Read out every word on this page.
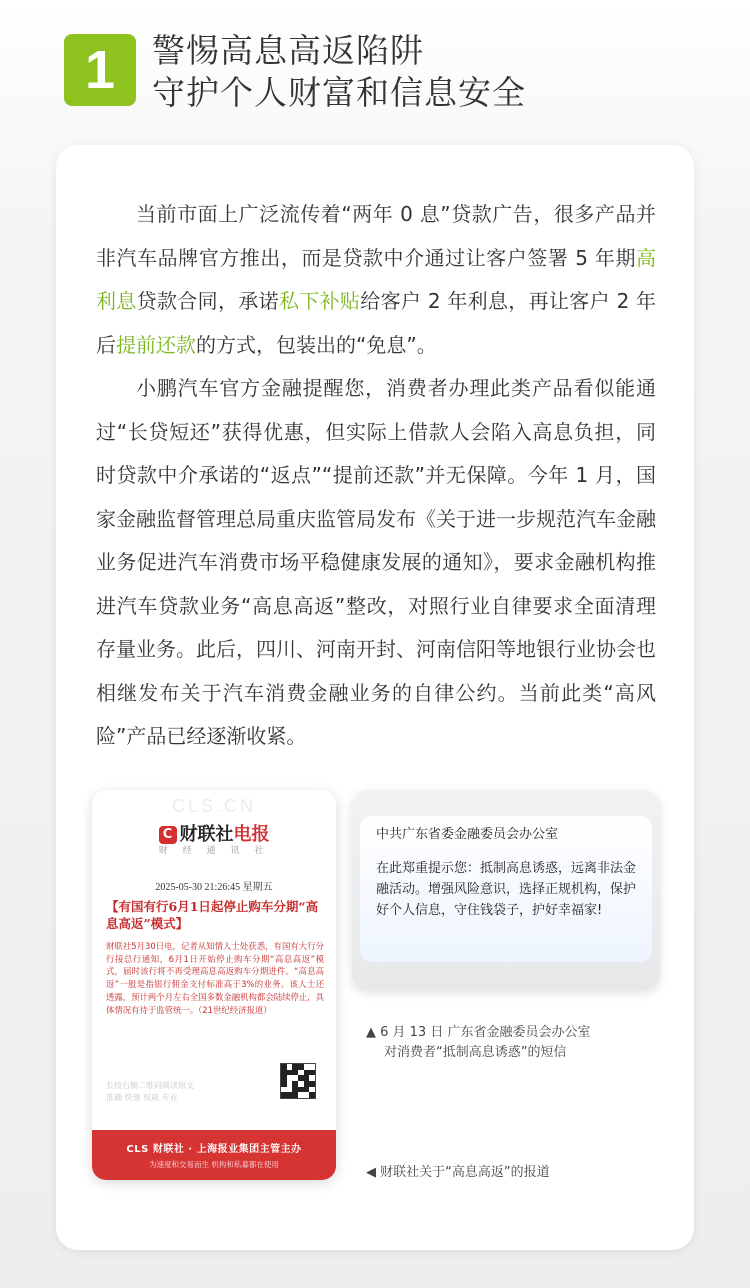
1	警惕高息高返陷阱
守护个人财富和信息安全

当前市面上广泛流传着“两年 0 息”贷款广告，很多产品并非汽车品牌官方推出，而是贷款中介通过让客户签署 5 年期高利息贷款合同，承诺私下补贴给客户 2 年利息，再让客户 2 年后提前还款的方式，包装出的“免息”。

小鹏汽车官方金融提醒您，消费者办理此类产品看似能通过“长贷短还”获得优惠，但实际上借款人会陷入高息负担，同时贷款中介承诺的“返点”“提前还款”并无保障。今年 1 月，国家金融监督管理总局重庆监管局发布《关于进一步规范汽车金融业务促进汽车消费市场平稳健康发展的通知》，要求金融机构推进汽车贷款业务“高息高返”整改，对照行业自律要求全面清理存量业务。此后，四川、河南开封、河南信阳等地银行业协会也相继发布关于汽车消费金融业务的自律公约。当前此类“高风险”产品已经逐渐收紧。

CLS.CN
C 财联社电报
财 经 通 讯 社
2025-05-30 21:26:45 星期五
【有国有行6月1日起停止购车分期“高息高返”模式】
财联社5月30日电，记者从知情人士处获悉，有国有大行分行接总行通知，6月1日开始停止购车分期“高息高返”模式，届时该行将不再受理高息高返购车分期进件。“高息高返”一般是指银行佣金支付标准高于3%的业务。该人士还透露，预计两个月左右全国多数金融机构都会陆续停止，具体情况有待于监管统一。（21世纪经济报道）
长按右侧二维码阅读原文
准确 快速 权威 专业
CLS 财联社 · 上海报业集团主管主办
为速度和交易而生 机构和私募都在使用
中共广东省委金融委员会办公室
在此郑重提示您：抵制高息诱惑，远离非法金融活动。增强风险意识，选择正规机构，保护好个人信息，守住钱袋子，护好幸福家!
▲ 6 月 13 日 广东省金融委员会办公室
对消费者“抵制高息诱惑”的短信
◀ 财联社关于“高息高返”的报道
